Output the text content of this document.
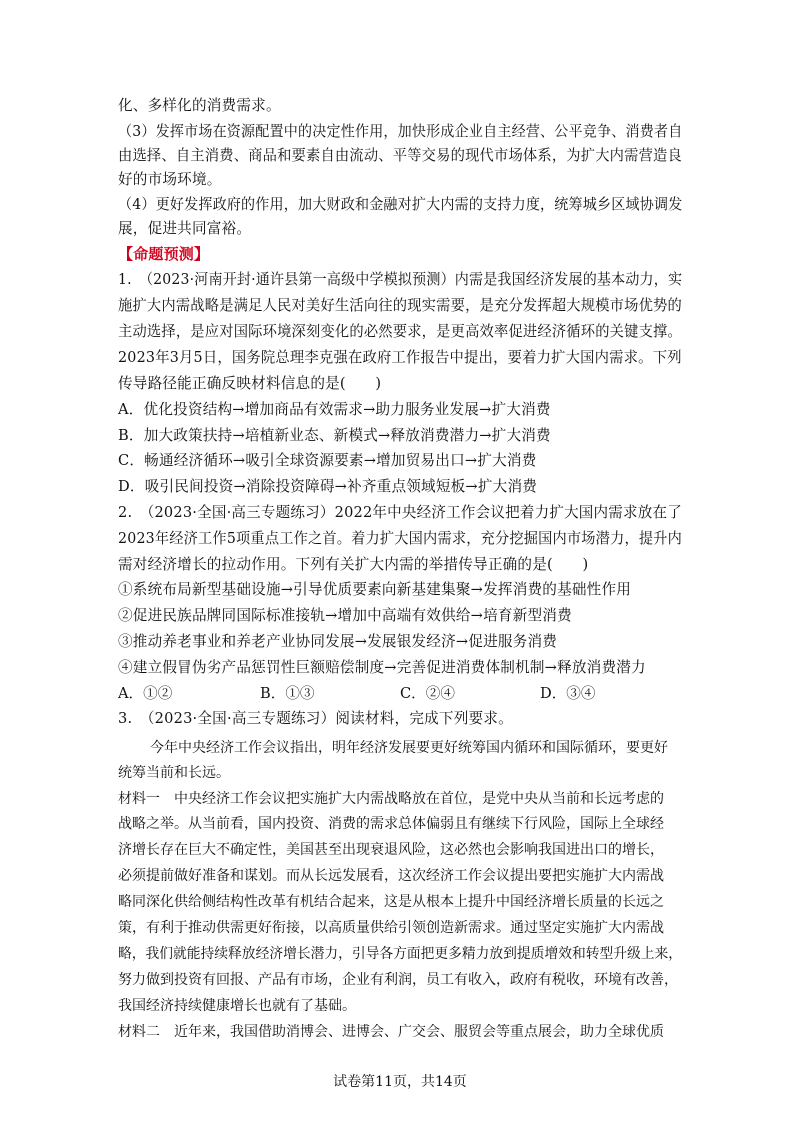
化、多样化的消费需求。
（3）发挥市场在资源配置中的决定性作用，加快形成企业自主经营、公平竞争、消费者自
由选择、自主消费、商品和要素自由流动、平等交易的现代市场体系，为扩大内需营造良
好的市场环境。
（4）更好发挥政府的作用，加大财政和金融对扩大内需的支持力度，统筹城乡区域协调发
展，促进共同富裕。
【命题预测】
1.　（2023·河南开封·通许县第一高级中学模拟预测）内需是我国经济发展的基本动力，实
施扩大内需战略是满足人民对美好生活向往的现实需要，是充分发挥超大规模市场优势的
主动选择，是应对国际环境深刻变化的必然要求，是更高效率促进经济循环的关键支撑。
2023年3月5日，国务院总理李克强在政府工作报告中提出，要着力扩大国内需求。下列
传导路径能正确反映材料信息的是(　　)
A．优化投资结构→增加商品有效需求→助力服务业发展→扩大消费
B．加大政策扶持→培植新业态、新模式→释放消费潜力→扩大消费
C．畅通经济循环→吸引全球资源要素→增加贸易出口→扩大消费
D．吸引民间投资→消除投资障碍→补齐重点领域短板→扩大消费
2.　（2023·全国·高三专题练习）2022年中央经济工作会议把着力扩大国内需求放在了
2023年经济工作5项重点工作之首。着力扩大国内需求，充分挖掘国内市场潜力，提升内
需对经济增长的拉动作用。下列有关扩大内需的举措传导正确的是(　　)
①系统布局新型基础设施→引导优质要素向新基建集聚→发挥消费的基础性作用
②促进民族品牌同国际标准接轨→增加中高端有效供给→培育新型消费
③推动养老事业和养老产业协同发展→发展银发经济→促进服务消费
④建立假冒伪劣产品惩罚性巨额赔偿制度→完善促进消费体制机制→释放消费潜力
A．①②	B．①③	C．②④	D．③④
3.　（2023·全国·高三专题练习）阅读材料，完成下列要求。
今年中央经济工作会议指出，明年经济发展要更好统筹国内循环和国际循环，要更好
统筹当前和长远。
材料一　中央经济工作会议把实施扩大内需战略放在首位，是党中央从当前和长远考虑的
战略之举。从当前看，国内投资、消费的需求总体偏弱且有继续下行风险，国际上全球经
济增长存在巨大不确定性，美国甚至出现衰退风险，这必然也会影响我国进出口的增长，
必须提前做好准备和谋划。而从长远发展看，这次经济工作会议提出要把实施扩大内需战
略同深化供给侧结构性改革有机结合起来，这是从根本上提升中国经济增长质量的长远之
策，有利于推动供需更好衔接，以高质量供给引领创造新需求。通过坚定实施扩大内需战
略，我们就能持续释放经济增长潜力，引导各方面把更多精力放到提质增效和转型升级上来，
努力做到投资有回报、产品有市场，企业有利润，员工有收入，政府有税收，环境有改善，
我国经济持续健康增长也就有了基础。
材料二　近年来，我国借助消博会、进博会、广交会、服贸会等重点展会，助力全球优质
试卷第11页，共14页
